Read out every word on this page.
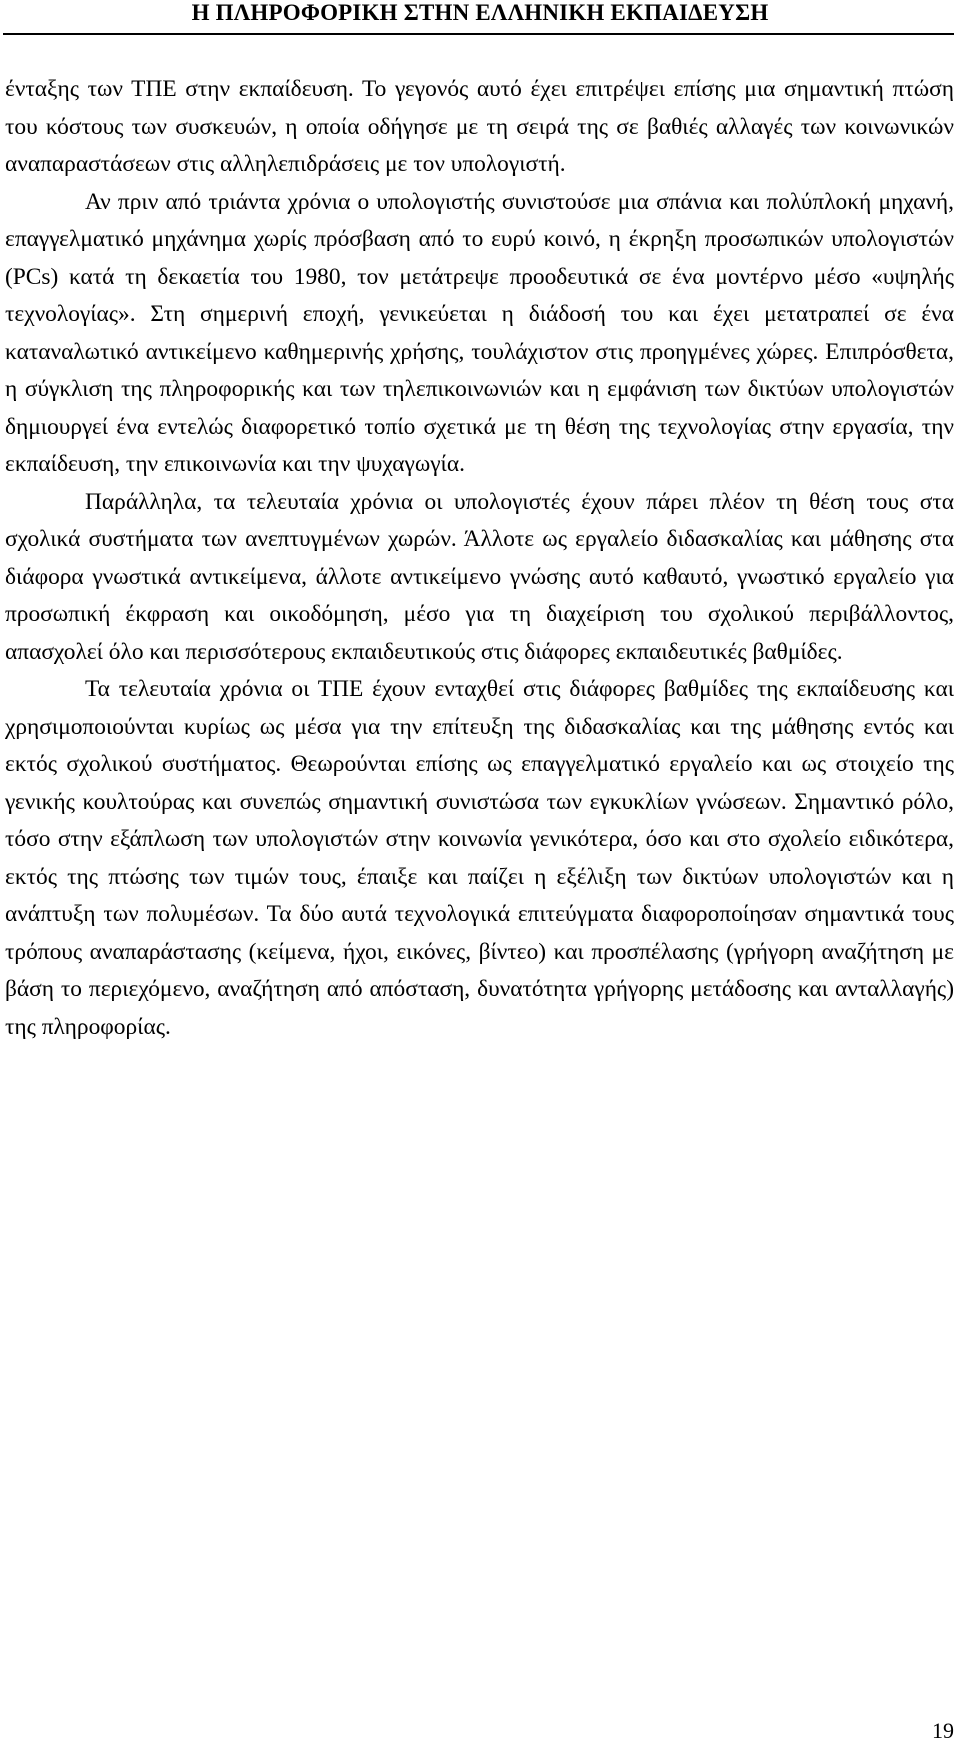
Η ΠΛΗΡΟΦΟΡΙΚΗ ΣΤΗΝ ΕΛΛΗΝΙΚΗ ΕΚΠΑΙΔΕΥΣΗ

ένταξης των ΤΠΕ στην εκπαίδευση. Το γεγονός αυτό έχει επιτρέψει επίσης μια σημαντική πτώση του κόστους των συσκευών, η οποία οδήγησε με τη σειρά της σε βαθιές αλλαγές των κοινωνικών αναπαραστάσεων στις αλληλεπιδράσεις με τον υπολογιστή.

Αν πριν από τριάντα χρόνια ο υπολογιστής συνιστούσε μια σπάνια και πολύπλοκή μηχανή, επαγγελματικό μηχάνημα χωρίς πρόσβαση από το ευρύ κοινό, η έκρηξη προσωπικών υπολογιστών (PCs) κατά τη δεκαετία του 1980, τον μετάτρεψε προοδευτικά σε ένα μοντέρνο μέσο «υψηλής τεχνολογίας». Στη σημερινή εποχή, γενικεύεται η διάδοσή του και έχει μετατραπεί σε ένα καταναλωτικό αντικείμενο καθημερινής χρήσης, τουλάχιστον στις προηγμένες χώρες. Επιπρόσθετα, η σύγκλιση της πληροφορικής και των τηλεπικοινωνιών και η εμφάνιση των δικτύων υπολογιστών δημιουργεί ένα εντελώς διαφορετικό τοπίο σχετικά με τη θέση της τεχνολογίας στην εργασία, την εκπαίδευση, την επικοινωνία και την ψυχαγωγία.

Παράλληλα, τα τελευταία χρόνια οι υπολογιστές έχουν πάρει πλέον τη θέση τους στα σχολικά συστήματα των ανεπτυγμένων χωρών. Άλλοτε ως εργαλείο διδασκαλίας και μάθησης στα διάφορα γνωστικά αντικείμενα, άλλοτε αντικείμενο γνώσης αυτό καθαυτό, γνωστικό εργαλείο για προσωπική έκφραση και οικοδόμηση, μέσο για τη διαχείριση του σχολικού περιβάλλοντος, απασχολεί όλο και περισσότερους εκπαιδευτικούς στις διάφορες εκπαιδευτικές βαθμίδες.

Τα τελευταία χρόνια οι ΤΠΕ έχουν ενταχθεί στις διάφορες βαθμίδες της εκπαίδευσης και χρησιμοποιούνται κυρίως ως μέσα για την επίτευξη της διδασκαλίας και της μάθησης εντός και εκτός σχολικού συστήματος. Θεωρούνται επίσης ως επαγγελματικό εργαλείο και ως στοιχείο της γενικής κουλτούρας και συνεπώς σημαντική συνιστώσα των εγκυκλίων γνώσεων. Σημαντικό ρόλο, τόσο στην εξάπλωση των υπολογιστών στην κοινωνία γενικότερα, όσο και στο σχολείο ειδικότερα, εκτός της πτώσης των τιμών τους, έπαιξε και παίζει η εξέλιξη των δικτύων υπολογιστών και η ανάπτυξη των πολυμέσων. Τα δύο αυτά τεχνολογικά επιτεύγματα διαφοροποίησαν σημαντικά τους τρόπους αναπαράστασης (κείμενα, ήχοι, εικόνες, βίντεο) και προσπέλασης (γρήγορη αναζήτηση με βάση το περιεχόμενο, αναζήτηση από απόσταση, δυνατότητα γρήγορης μετάδοσης και ανταλλαγής) της πληροφορίας.

19
